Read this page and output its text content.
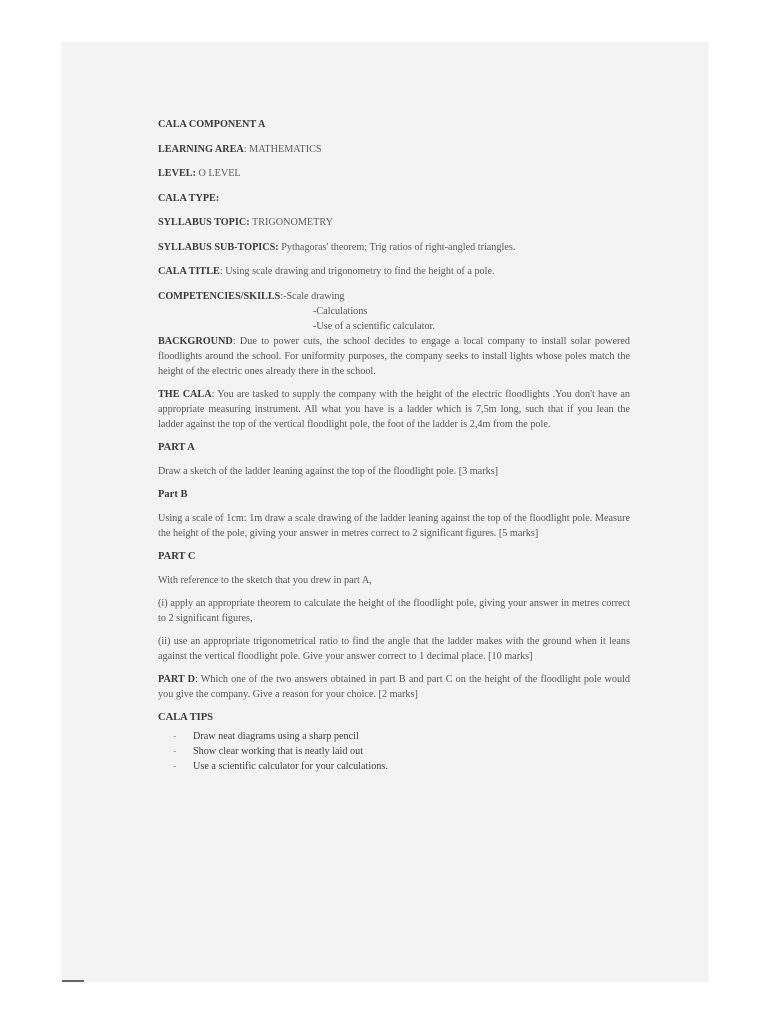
CALA COMPONENT A
LEARNING AREA: MATHEMATICS
LEVEL: O LEVEL
CALA TYPE:
SYLLABUS TOPIC: TRIGONOMETRY
SYLLABUS SUB-TOPICS: Pythagoras' theorem; Trig ratios of right-angled triangles.
CALA TITLE: Using scale drawing and trigonometry to find the height of a pole.
COMPETENCIES/SKILLS:-Scale drawing
-Calculations
-Use of a scientific calculator.
BACKGROUND: Due to power cuts, the school decides to engage a local company to install solar powered floodlights around the school. For uniformity purposes, the company seeks to install lights whose poles match the height of the electric ones already there in the school.
THE CALA: You are tasked to supply the company with the height of the electric floodlights .You don't have an appropriate measuring instrument. All what you have is a ladder which is 7,5m long, such that if you lean the ladder against the top of the vertical floodlight pole, the foot of the ladder is 2,4m from the pole.
PART A
Draw a sketch of the ladder leaning against the top of the floodlight pole. [3 marks]
Part B
Using a scale of 1cm: 1m draw a scale drawing of the ladder leaning against the top of the floodlight pole. Measure the height of the pole, giving your answer in metres correct to 2 significant figures. [5 marks]
PART C
With reference to the sketch that you drew in part A,
(i) apply an appropriate theorem to calculate the height of the floodlight pole, giving your answer in metres correct to 2 significant figures,
(ii) use an appropriate trigonometrical ratio to find the angle that the ladder makes with the ground when it leans against the vertical floodlight pole. Give your answer correct to 1 decimal place. [10 marks]
PART D: Which one of the two answers obtained in part B and part C on the height of the floodlight pole would you give the company. Give a reason for your choice. [2 marks]
CALA TIPS
- Draw neat diagrams using a sharp pencil
- Show clear working that is neatly laid out
- Use a scientific calculator for your calculations.
